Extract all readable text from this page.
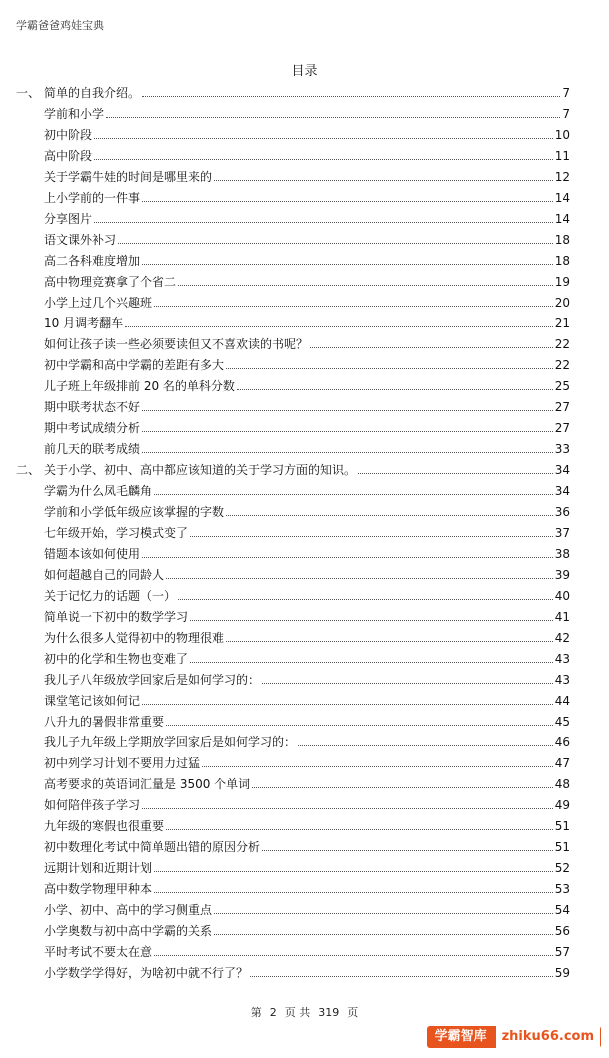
学霸爸爸鸡娃宝典
目录
一、 简单的自我介绍。	7
学前和小学	7
初中阶段	10
高中阶段	11
关于学霸牛娃的时间是哪里来的	12
上小学前的一件事	14
分享图片	14
语文课外补习	18
高二各科难度增加	18
高中物理竞赛拿了个省二	19
小学上过几个兴趣班	20
10 月调考翻车	21
如何让孩子读一些必须要读但又不喜欢读的书呢？	22
初中学霸和高中学霸的差距有多大	22
儿子班上年级排前 20 名的单科分数	25
期中联考状态不好	27
期中考试成绩分析	27
前几天的联考成绩	33
二、 关于小学、初中、高中都应该知道的关于学习方面的知识。	34
学霸为什么凤毛麟角	34
学前和小学低年级应该掌握的字数	36
七年级开始，学习模式变了	37
错题本该如何使用	38
如何超越自己的同龄人	39
关于记忆力的话题（一）	40
简单说一下初中的数学学习	41
为什么很多人觉得初中的物理很难	42
初中的化学和生物也变难了	43
我儿子八年级放学回家后是如何学习的：	43
课堂笔记该如何记	44
八升九的暑假非常重要	45
我儿子九年级上学期放学回家后是如何学习的：	46
初中列学习计划不要用力过猛	47
高考要求的英语词汇量是 3500 个单词	48
如何陪伴孩子学习	49
九年级的寒假也很重要	51
初中数理化考试中简单题出错的原因分析	51
远期计划和近期计划	52
高中数学物理甲种本	53
小学、初中、高中的学习侧重点	54
小学奥数与初中高中学霸的关系	56
平时考试不要太在意	57
小学数学学得好，为啥初中就不行了？	59
第 2 页 共 319 页
学霸智库	zhiku66.com
